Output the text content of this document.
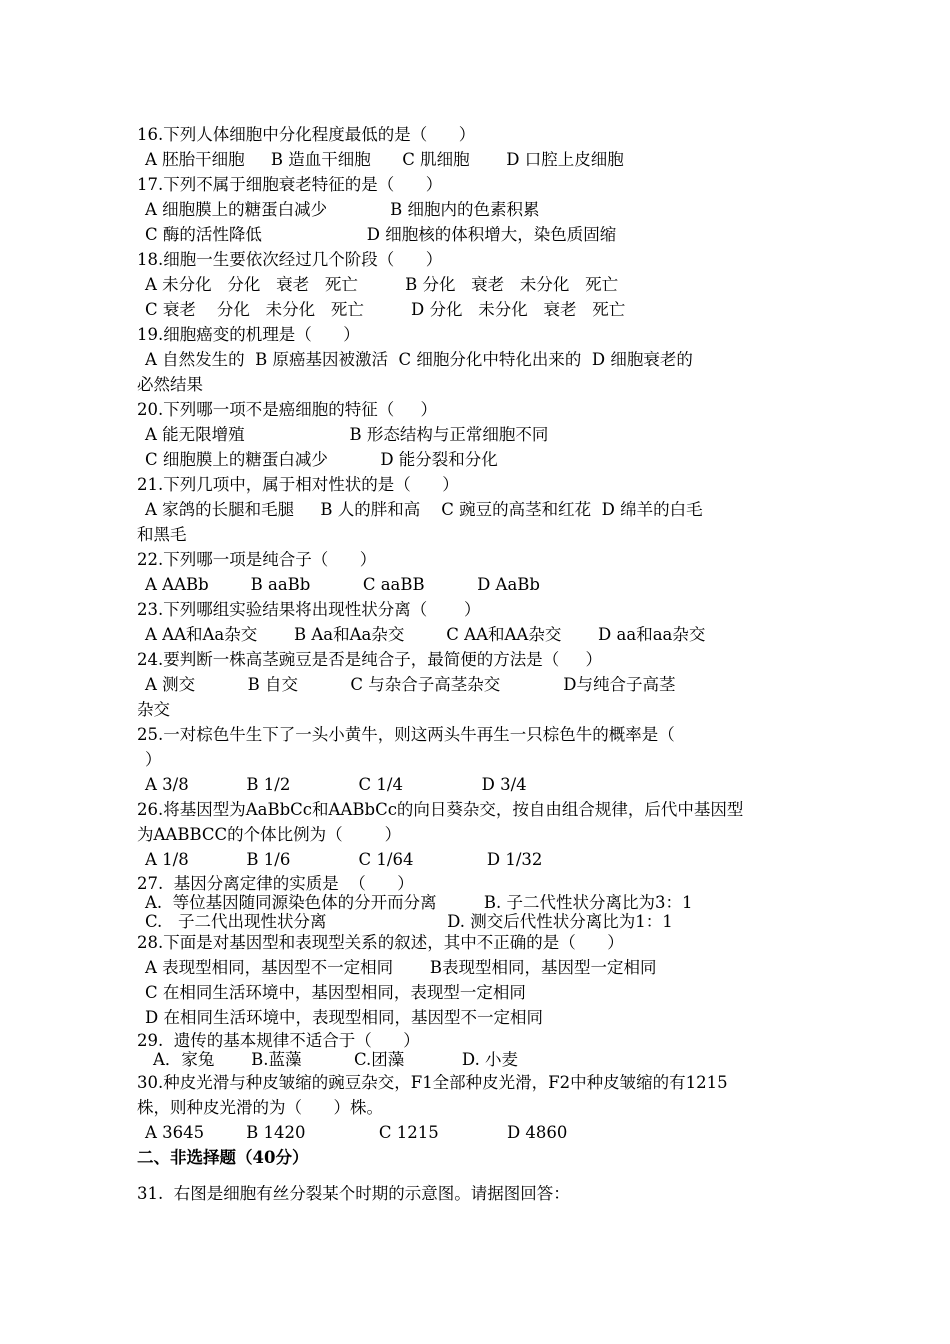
16.下列人体细胞中分化程度最低的是（      ）
A 胚胎干细胞     B 造血干细胞      C 肌细胞       D 口腔上皮细胞
17.下列不属于细胞衰老特征的是（      ）
A 细胞膜上的糖蛋白减少            B 细胞内的色素积累
C 酶的活性降低                    D 细胞核的体积增大，染色质固缩
18.细胞一生要依次经过几个阶段（      ）
A 未分化   分化   衰老   死亡         B 分化   衰老   未分化   死亡
C 衰老    分化   未分化   死亡         D 分化   未分化   衰老   死亡
19.细胞癌变的机理是（      ）
A 自然发生的  B 原癌基因被激活  C 细胞分化中特化出来的  D 细胞衰老的
必然结果
20.下列哪一项不是癌细胞的特征（     ）
A 能无限增殖                    B 形态结构与正常细胞不同
C 细胞膜上的糖蛋白减少          D 能分裂和分化
21.下列几项中，属于相对性状的是（      ）
A 家鸽的长腿和毛腿     B 人的胖和高    C 豌豆的高茎和红花  D 绵羊的白毛
和黑毛
22.下列哪一项是纯合子（      ）
A AABb        B aaBb          C aaBB          D AaBb
23.下列哪组实验结果将出现性状分离（       ）
A AA和Aa杂交       B Aa和Aa杂交        C AA和AA杂交       D aa和aa杂交
24.要判断一株高茎豌豆是否是纯合子，最简便的方法是（     ）
A 测交          B 自交          C 与杂合子高茎杂交            D与纯合子高茎
杂交
25.一对棕色牛生下了一头小黄牛，则这两头牛再生一只棕色牛的概率是（
）
A 3/8           B 1/2             C 1/4               D 3/4
26.将基因型为AaBbCc和AABbCc的向日葵杂交，按自由组合规律，后代中基因型
为AABBCC的个体比例为（        ）
A 1/8           B 1/6             C 1/64              D 1/32
27.  基因分离定律的实质是  （      ）
A.  等位基因随同源染色体的分开而分离         B. 子二代性状分离比为3：1
C.   子二代出现性状分离                       D. 测交后代性状分离比为1：1
28.下面是对基因型和表现型关系的叙述，其中不正确的是（      ）
A 表现型相同，基因型不一定相同       B表现型相同，基因型一定相同
C 在相同生活环境中，基因型相同，表现型一定相同
D 在相同生活环境中，表现型相同，基因型不一定相同
29.  遗传的基本规律不适合于（      ）
A．家兔       B.蓝藻          C.团藻           D. 小麦
30.种皮光滑与种皮皱缩的豌豆杂交，F1全部种皮光滑，F2中种皮皱缩的有1215
株，则种皮光滑的为（      ）株。
A 3645        B 1420              C 1215             D 4860
二、非选择题（40分）
31.  右图是细胞有丝分裂某个时期的示意图。请据图回答：
